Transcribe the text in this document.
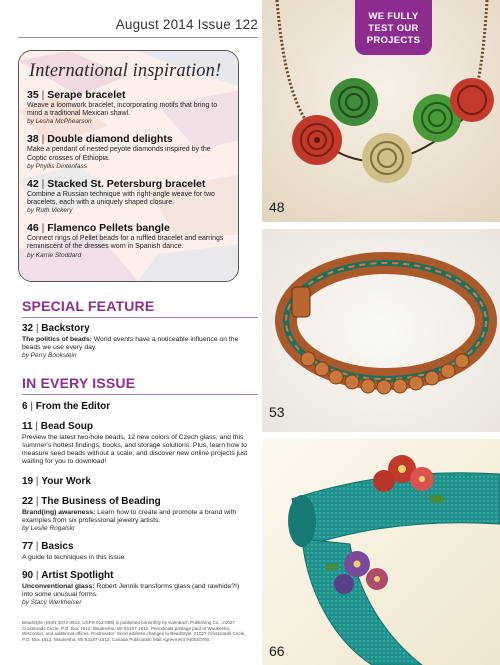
August 2014 Issue 122
International inspiration!
35 | Serape bracelet
Weave a loomwork bracelet, incorporating motifs that bring to mind a traditional Mexican shawl.
by Lesha McPhearson
38 | Double diamond delights
Make a pendant of nested peyote diamonds inspired by the Coptic crosses of Ethiopia.
by Phyllis Dintenfass
42 | Stacked St. Petersburg bracelet
Combine a Russian technique with right-angle weave for two bracelets, each with a uniquely shaped closure.
by Ruth Vickery
46 | Flamenco Pellets bangle
Connect rings of Pellet beads for a ruffled bracelet and earrings reminiscent of the dresses worn in Spanish dance.
by Karrie Stoddard
SPECIAL FEATURE
32 | Backstory
The politics of beads: World events have a noticeable influence on the beads we use every day.
by Perry Bookstein
IN EVERY ISSUE
6 | From the Editor
11 | Bead Soup
Preview the latest two-hole beads, 12 new colors of Czech glass, and this summer's hottest findings, books, and storage solutions. Plus, learn how to measure seed beads without a scale, and discover new online projects just waiting for you to download!
19 | Your Work
22 | The Business of Beading
Brand(ing) awareness: Learn how to create and promote a brand with examples from six professional jewelry artists.
by Leslie Rogalski
77 | Basics
A guide to techniques in this issue
90 | Artist Spotlight
Unconventional glass: Robert Jennik transforms glass (and rawhide?!) into some unusual forms.
by Stacy Werkheiser
BeadStyle (ISSN 1072-4613, USPS 012-098) is published bimonthly by Kalmbach Publishing Co., 21027 Crossroads Circle, P.O. Box 1612, Waukesha, WI 53187-1612. Periodicals postage paid at Waukesha, Wisconsin, and additional offices. Postmaster: Send address changes to BeadStyle, 21027 Crossroads Circle, P.O. Box 1612, Waukesha, WI 53187-1612. Canada Publication Mail Agreement #40010760.
WE FULLY
TEST OUR
PROJECTS
48
53
66
